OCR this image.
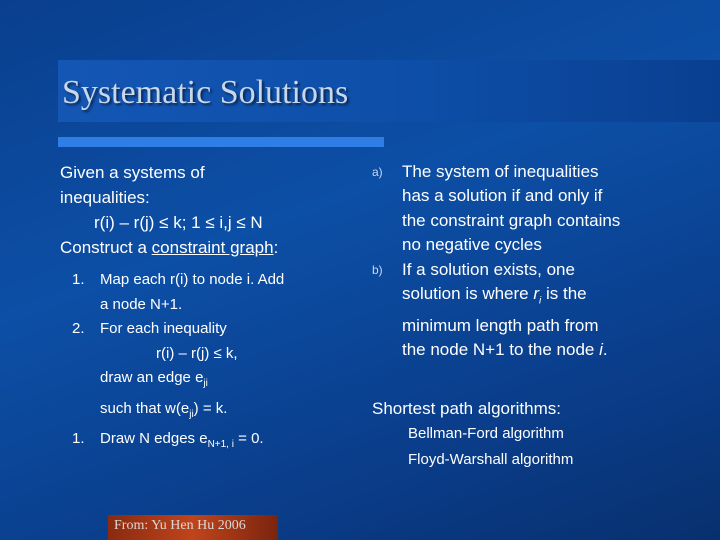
Systematic Solutions
Given a systems of
inequalities:
r(i) – r(j) ≤ k; 1 ≤ i,j ≤ N
Construct a constraint graph:
1. Map each r(i) to node i. Add
a node N+1.
2. For each inequality
r(i) – r(j) ≤ k,
draw an edge $e_{ji}$
such that $w(e_{ji}) = k$.
1. Draw N edges $e_{N+1, i} = 0$.
a) The system of inequalities
has a solution if and only if
the constraint graph contains
no negative cycles
b) If a solution exists, one
solution is where $r_i$ is the
minimum length path from
the node N+1 to the node i.
Shortest path algorithms:
Bellman-Ford algorithm
Floyd-Warshall algorithm
From: Yu Hen Hu 2006
